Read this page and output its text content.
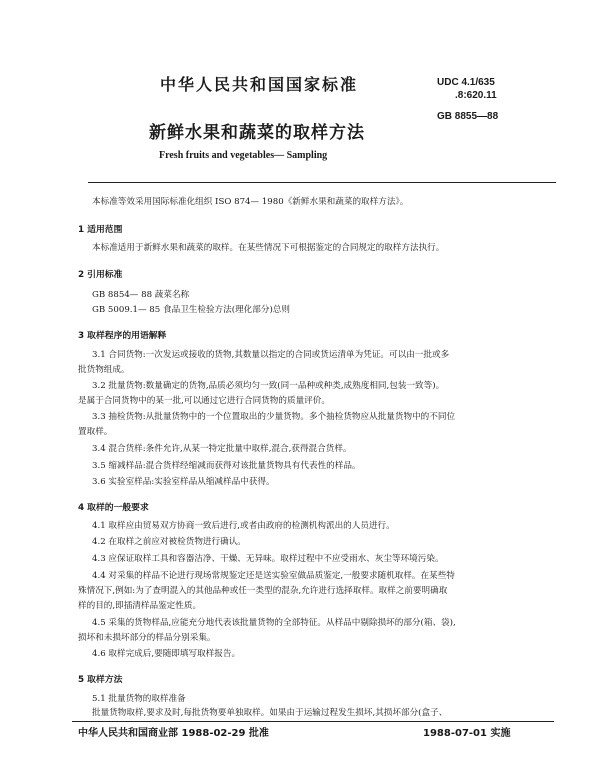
中华人民共和国国家标准	UDC 4.1/635
.8:620.11
新鲜水果和蔬菜的取样方法
GB 8855—88
Fresh fruits and vegetables— Sampling
本标准等效采用国际标准化组织 ISO 874— 1980《新鲜水果和蔬菜的取样方法》。
1 适用范围
本标准适用于新鲜水果和蔬菜的取样。在某些情况下可根据鉴定的合同规定的取样方法执行。
2 引用标准
GB 8854— 88 蔬菜名称
GB 5009.1— 85 食品卫生检验方法(理化部分)总则
3 取样程序的用语解释
3.1 合同货物:一次发运或接收的货物,其数量以指定的合同或货运清单为凭证。可以由一批或多
批货物组成。
3.2 批量货物:数量确定的货物,品质必须均匀一致(同一品种或种类,成熟度相同,包装一致等)。
是属于合同货物中的某一批,可以通过它进行合同货物的质量评价。
3.3 抽检货物:从批量货物中的一个位置取出的少量货物。多个抽检货物应从批量货物中的不同位
置取样。
3.4 混合货样:条件允许,从某一特定批量中取样,混合,获得混合货样。
3.5 缩减样品:混合货样经缩减而获得对该批量货物具有代表性的样品。
3.6 实验室样品:实验室样品从缩减样品中获得。
4 取样的一般要求
4.1 取样应由贸易双方协商一致后进行,或者由政府的检测机构派出的人员进行。
4.2 在取样之前应对被检货物进行确认。
4.3 应保证取样工具和容器洁净、干燥、无异味。取样过程中不应受雨水、灰尘等环境污染。
4.4 对采集的样品不论进行现场常规鉴定还是送实验室做品质鉴定,一般要求随机取样。在某些特
殊情况下,例如:为了查明混入的其他品种或任一类型的混杂,允许进行选择取样。取样之前要明确取
样的目的,即插清样品鉴定性质。
4.5 采集的货物样品,应能充分地代表该批量货物的全部特征。从样品中剔除损坏的部分(箱、袋),
损坏和未损坏部分的样品分别采集。
4.6 取样完成后,要随即填写取样报告。
5 取样方法
5.1 批量货物的取样准备
批量货物取样,要求及时,每批货物要单独取样。如果由于运输过程发生损坏,其损坏部分(盒子、
中华人民共和国商业部 1988-02-29 批准	1988-07-01 实施
